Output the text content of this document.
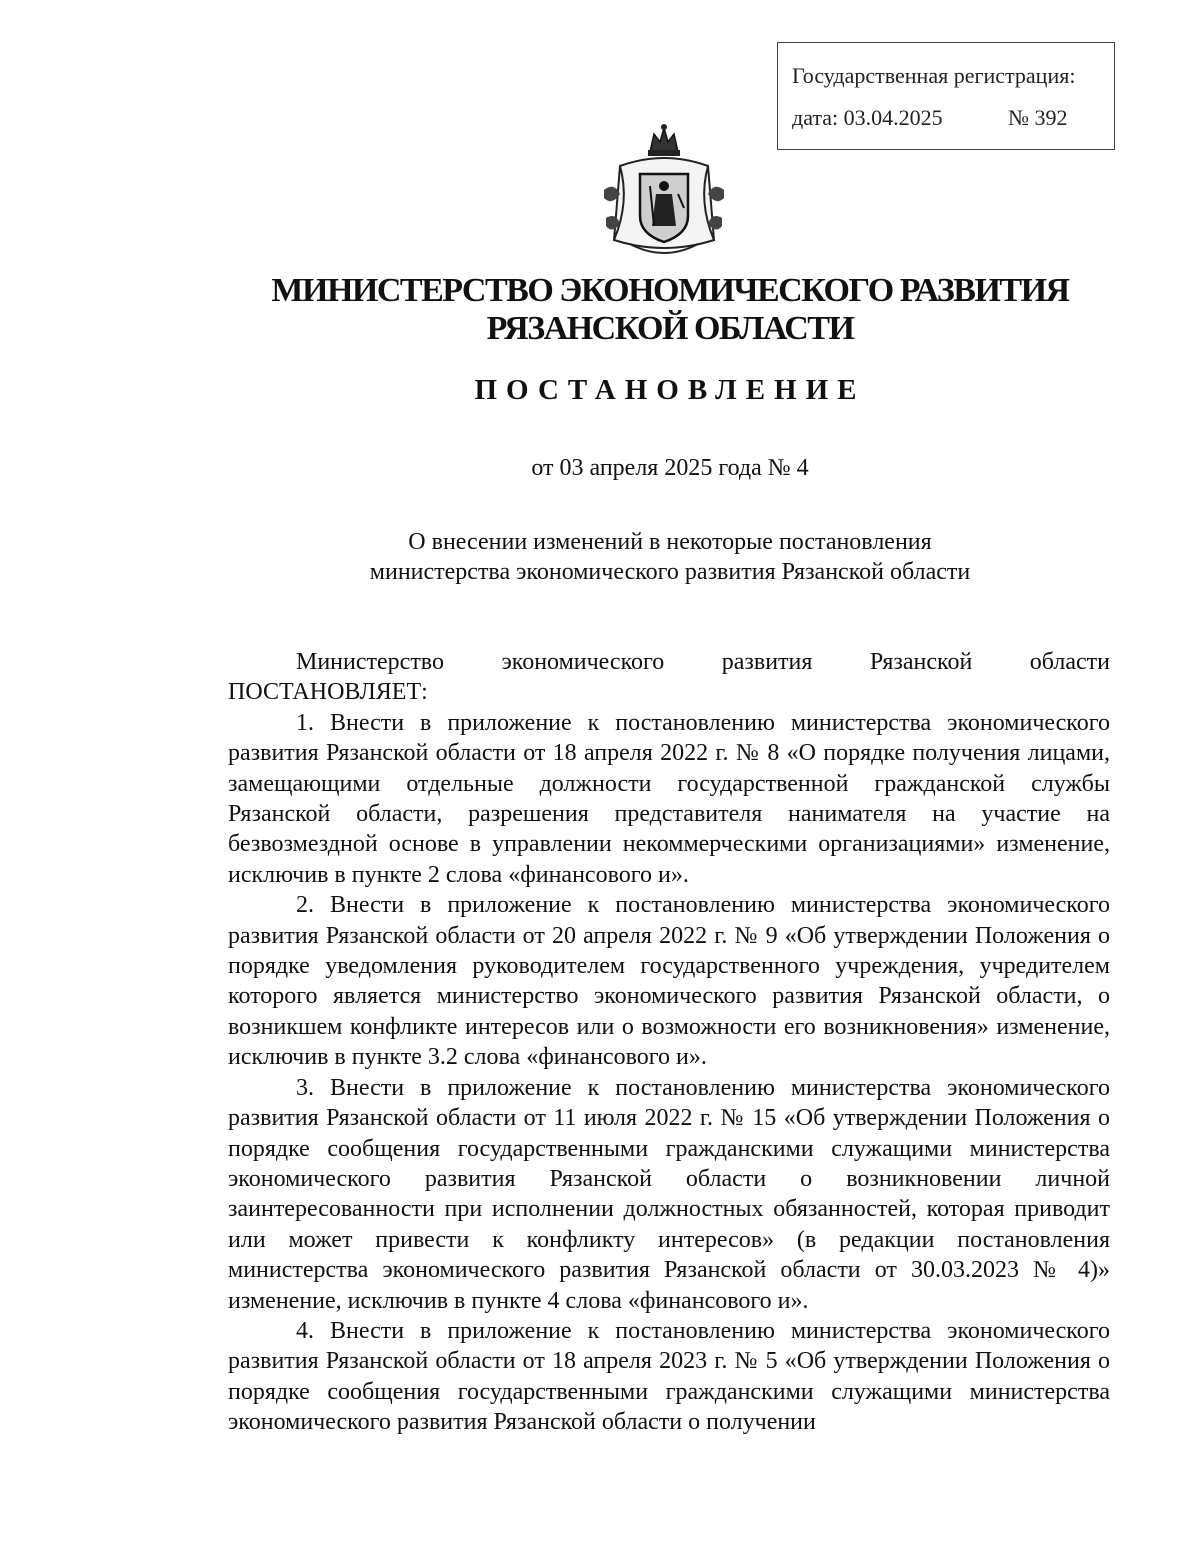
Государственная регистрация:
дата: 03.04.2025	№ 392
МИНИСТЕРСТВО ЭКОНОМИЧЕСКОГО РАЗВИТИЯ
РЯЗАНСКОЙ ОБЛАСТИ
ПОСТАНОВЛЕНИЕ
от 03 апреля 2025 года № 4
О внесении изменений в некоторые постановления
министерства экономического развития Рязанской области
Министерство экономического развития Рязанской области
ПОСТАНОВЛЯЕТ:

1. Внести в приложение к постановлению министерства экономического развития Рязанской области от 18 апреля 2022 г. № 8 «О порядке получения лицами, замещающими отдельные должности государственной гражданской службы Рязанской области, разрешения представителя нанимателя на участие на безвозмездной основе в управлении некоммерческими организациями» изменение, исключив в пункте 2 слова «финансового и».

2. Внести в приложение к постановлению министерства экономического развития Рязанской области от 20 апреля 2022 г. № 9 «Об утверждении Положения о порядке уведомления руководителем государственного учреждения, учредителем которого является министерство экономического развития Рязанской области, о возникшем конфликте интересов или о возможности его возникновения» изменение, исключив в пункте 3.2 слова «финансового и».

3. Внести в приложение к постановлению министерства экономического развития Рязанской области от 11 июля 2022 г. № 15 «Об утверждении Положения о порядке сообщения государственными гражданскими служащими министерства экономического развития Рязанской области о возникновении личной заинтересованности при исполнении должностных обязанностей, которая приводит или может привести к конфликту интересов» (в редакции постановления министерства экономического развития Рязанской области от 30.03.2023 № 4)» изменение, исключив в пункте 4 слова «финансового и».

4. Внести в приложение к постановлению министерства экономического развития Рязанской области от 18 апреля 2023 г. № 5 «Об утверждении Положения о порядке сообщения государственными гражданскими служащими министерства экономического развития Рязанской области о получении
